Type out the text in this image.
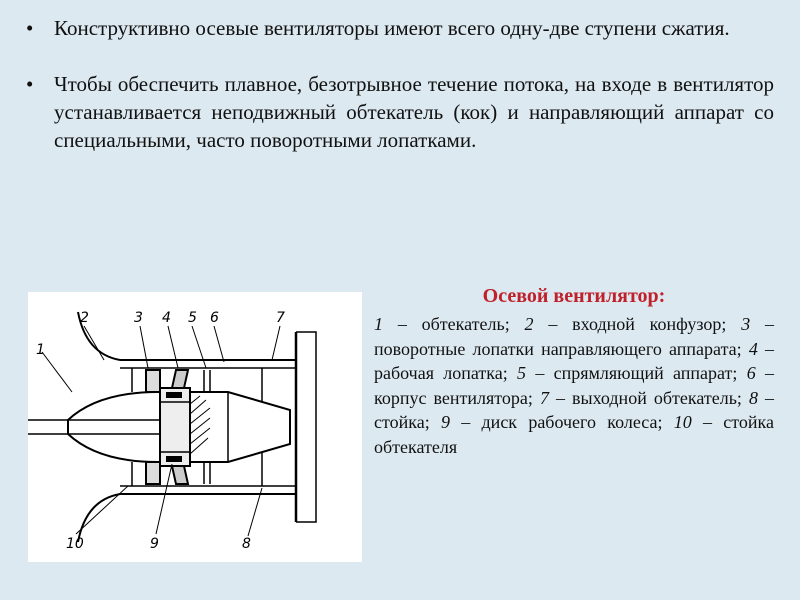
• Конструктивно осевые вентиляторы имеют всего одну-две ступени сжатия.
• Чтобы обеспечить плавное, безотрывное течение потока, на входе в вентилятор устанавливается неподвижный обтекатель (кок) и направляющий аппарат со специальными, часто поворотными лопатками.
1
2	3 4 5 6	7
8
9
10
Осевой вентилятор:

1 – обтекатель; 2 – входной конфузор; 3 – поворотные лопатки направляющего аппарата; 4 – рабочая лопатка; 5 – спрямляющий аппарат; 6 – корпус вентилятора; 7 – выходной обтекатель; 8 – стойка; 9 – диск рабочего колеса; 10 – стойка обтекателя
